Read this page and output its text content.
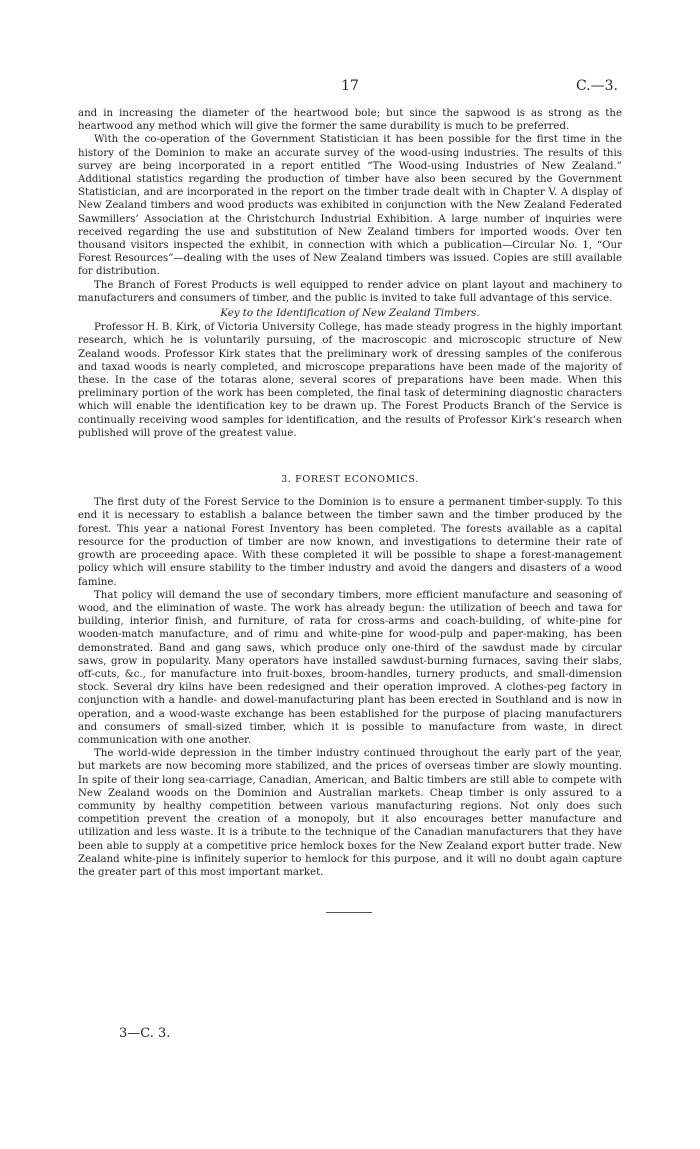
17	C.—3.

and in increasing the diameter of the heartwood bole; but since the sapwood is as strong as the heartwood any method which will give the former the same durability is much to be preferred.

With the co-operation of the Government Statistician it has been possible for the first time in the history of the Dominion to make an accurate survey of the wood-using industries. The results of this survey are being incorporated in a report entitled “The Wood-using Industries of New Zealand.” Additional statistics regarding the production of timber have also been secured by the Government Statistician, and are incorporated in the report on the timber trade dealt with in Chapter V. A display of New Zealand timbers and wood products was exhibited in conjunction with the New Zealand Federated Sawmillers’ Association at the Christchurch Industrial Exhibition. A large number of inquiries were received regarding the use and substitution of New Zealand timbers for imported woods. Over ten thousand visitors inspected the exhibit, in connection with which a publication—Circular No. 1, “Our Forest Resources”—dealing with the uses of New Zealand timbers was issued. Copies are still available for distribution.

The Branch of Forest Products is well equipped to render advice on plant layout and machinery to manufacturers and consumers of timber, and the public is invited to take full advantage of this service.

Key to the Identification of New Zealand Timbers.

Professor H. B. Kirk, of Victoria University College, has made steady progress in the highly important research, which he is voluntarily pursuing, of the macroscopic and microscopic structure of New Zealand woods. Professor Kirk states that the preliminary work of dressing samples of the coniferous and taxad woods is nearly completed, and microscope preparations have been made of the majority of these. In the case of the totaras alone, several scores of preparations have been made. When this preliminary portion of the work has been completed, the final task of determining diagnostic characters which will enable the identification key to be drawn up. The Forest Products Branch of the Service is continually receiving wood samples for identification, and the results of Professor Kirk’s research when published will prove of the greatest value.

3. FOREST ECONOMICS.

The first duty of the Forest Service to the Dominion is to ensure a permanent timber-supply. To this end it is necessary to establish a balance between the timber sawn and the timber produced by the forest. This year a national Forest Inventory has been completed. The forests available as a capital resource for the production of timber are now known, and investigations to determine their rate of growth are proceeding apace. With these completed it will be possible to shape a forest-management policy which will ensure stability to the timber industry and avoid the dangers and disasters of a wood famine.

That policy will demand the use of secondary timbers, more efficient manufacture and seasoning of wood, and the elimination of waste. The work has already begun: the utilization of beech and tawa for building, interior finish, and furniture, of rata for cross-arms and coach-building, of white-pine for wooden-match manufacture, and of rimu and white-pine for wood-pulp and paper-making, has been demonstrated. Band and gang saws, which produce only one-third of the sawdust made by circular saws, grow in popularity. Many operators have installed sawdust-burning furnaces, saving their slabs, off-cuts, &c., for manufacture into fruit-boxes, broom-handles, turnery products, and small-dimension stock. Several dry kilns have been redesigned and their operation improved. A clothes-peg factory in conjunction with a handle- and dowel-manufacturing plant has been erected in Southland and is now in operation, and a wood-waste exchange has been established for the purpose of placing manufacturers and consumers of small-sized timber, which it is possible to manufacture from waste, in direct communication with one another.

The world-wide depression in the timber industry continued throughout the early part of the year, but markets are now becoming more stabilized, and the prices of overseas timber are slowly mounting. In spite of their long sea-carriage, Canadian, American, and Baltic timbers are still able to compete with New Zealand woods on the Dominion and Australian markets. Cheap timber is only assured to a community by healthy competition between various manufacturing regions. Not only does such competition prevent the creation of a monopoly, but it also encourages better manufacture and utilization and less waste. It is a tribute to the technique of the Canadian manufacturers that they have been able to supply at a competitive price hemlock boxes for the New Zealand export butter trade. New Zealand white-pine is infinitely superior to hemlock for this purpose, and it will no doubt again capture the greater part of this most important market.

3—C. 3.
